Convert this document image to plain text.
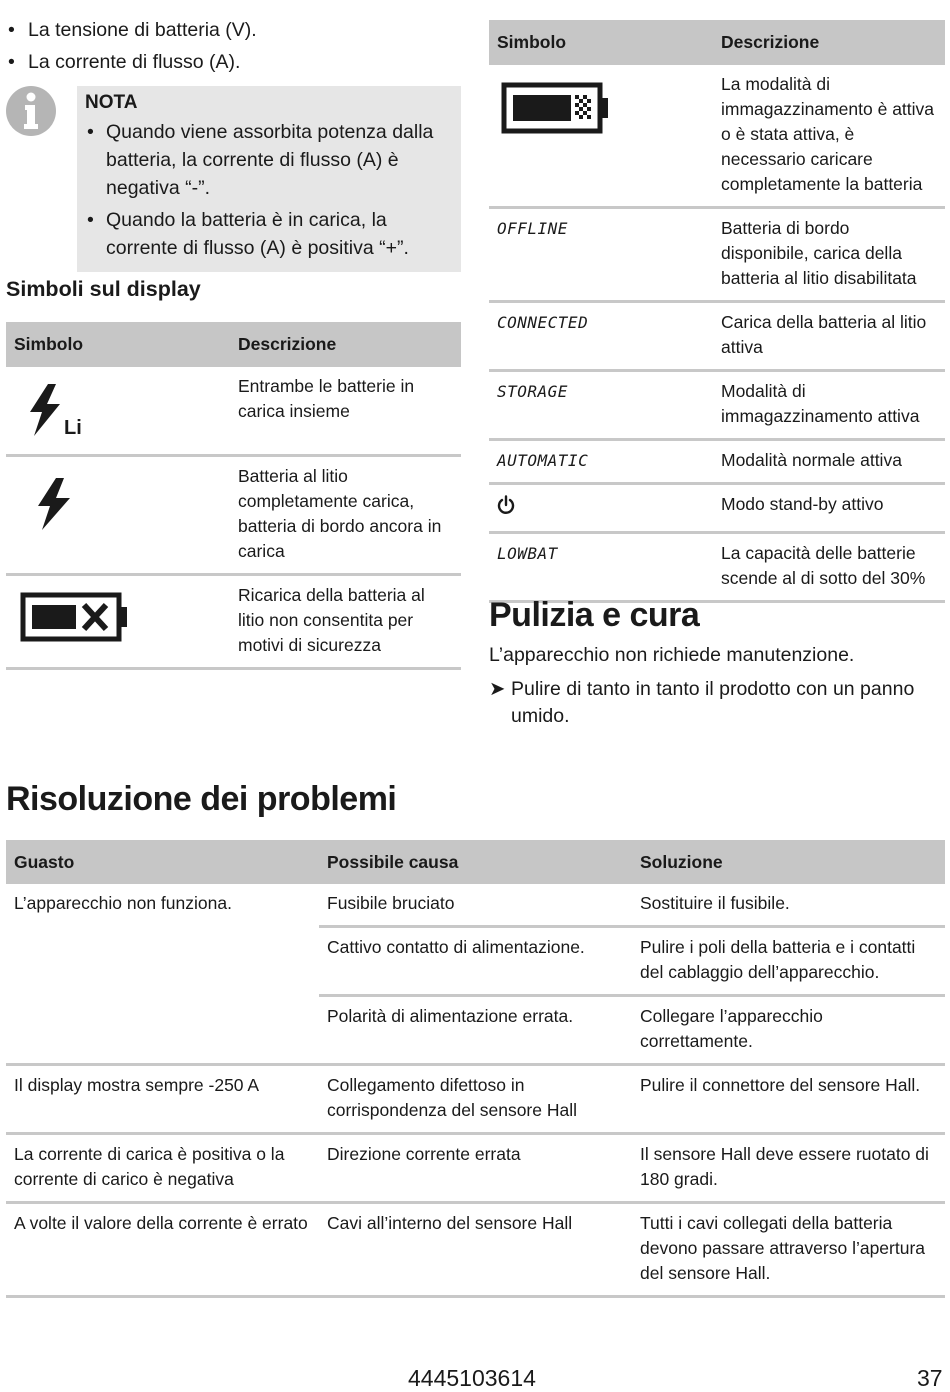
• La tensione di batteria (V).
• La corrente di flusso (A).
NOTA
• Quando viene assorbita potenza dalla batteria, la corrente di flusso (A) è negativa “-”.
• Quando la batteria è in carica, la corrente di flusso (A) è positiva “+”.
Simboli sul display
Simbolo	Descrizione

Li	Entrambe le batterie in carica insieme
	Batteria al litio completamente carica, batteria di bordo ancora in carica
	Ricarica della batteria al litio non consentita per motivi di sicurezza
Simbolo	Descrizione
	La modalità di immagazzinamento è attiva o è stata attiva, è necessario caricare completamente la batteria
OFFLINE	Batteria di bordo disponibile, carica della batteria al litio disabilitata
CONNECTED	Carica della batteria al litio attiva
STORAGE	Modalità di immagazzinamento attiva
AUTOMATIC	Modalità normale attiva
	Modo stand-by attivo
LOWBAT	La capacità delle batterie scende al di sotto del 30%
Pulizia e cura
L’apparecchio non richiede manutenzione.
➤ Pulire di tanto in tanto il prodotto con un panno umido.
Risoluzione dei problemi
Guasto	Possibile causa	Soluzione
L’apparecchio non funziona.	Fusibile bruciato	Sostituire il fusibile.
	Cattivo contatto di alimentazione.	Pulire i poli della batteria e i contatti del cablaggio dell’apparecchio.
	Polarità di alimentazione errata.	Collegare l’apparecchio correttamente.
Il display mostra sempre -250 A	Collegamento difettoso in corrispondenza del sensore Hall	Pulire il connettore del sensore Hall.
La corrente di carica è positiva o la corrente di carico è negativa	Direzione corrente errata	Il sensore Hall deve essere ruotato di 180 gradi.
A volte il valore della corrente è errato	Cavi all’interno del sensore Hall	Tutti i cavi collegati della batteria devono passare attraverso l’apertura del sensore Hall.
4445103614	37
